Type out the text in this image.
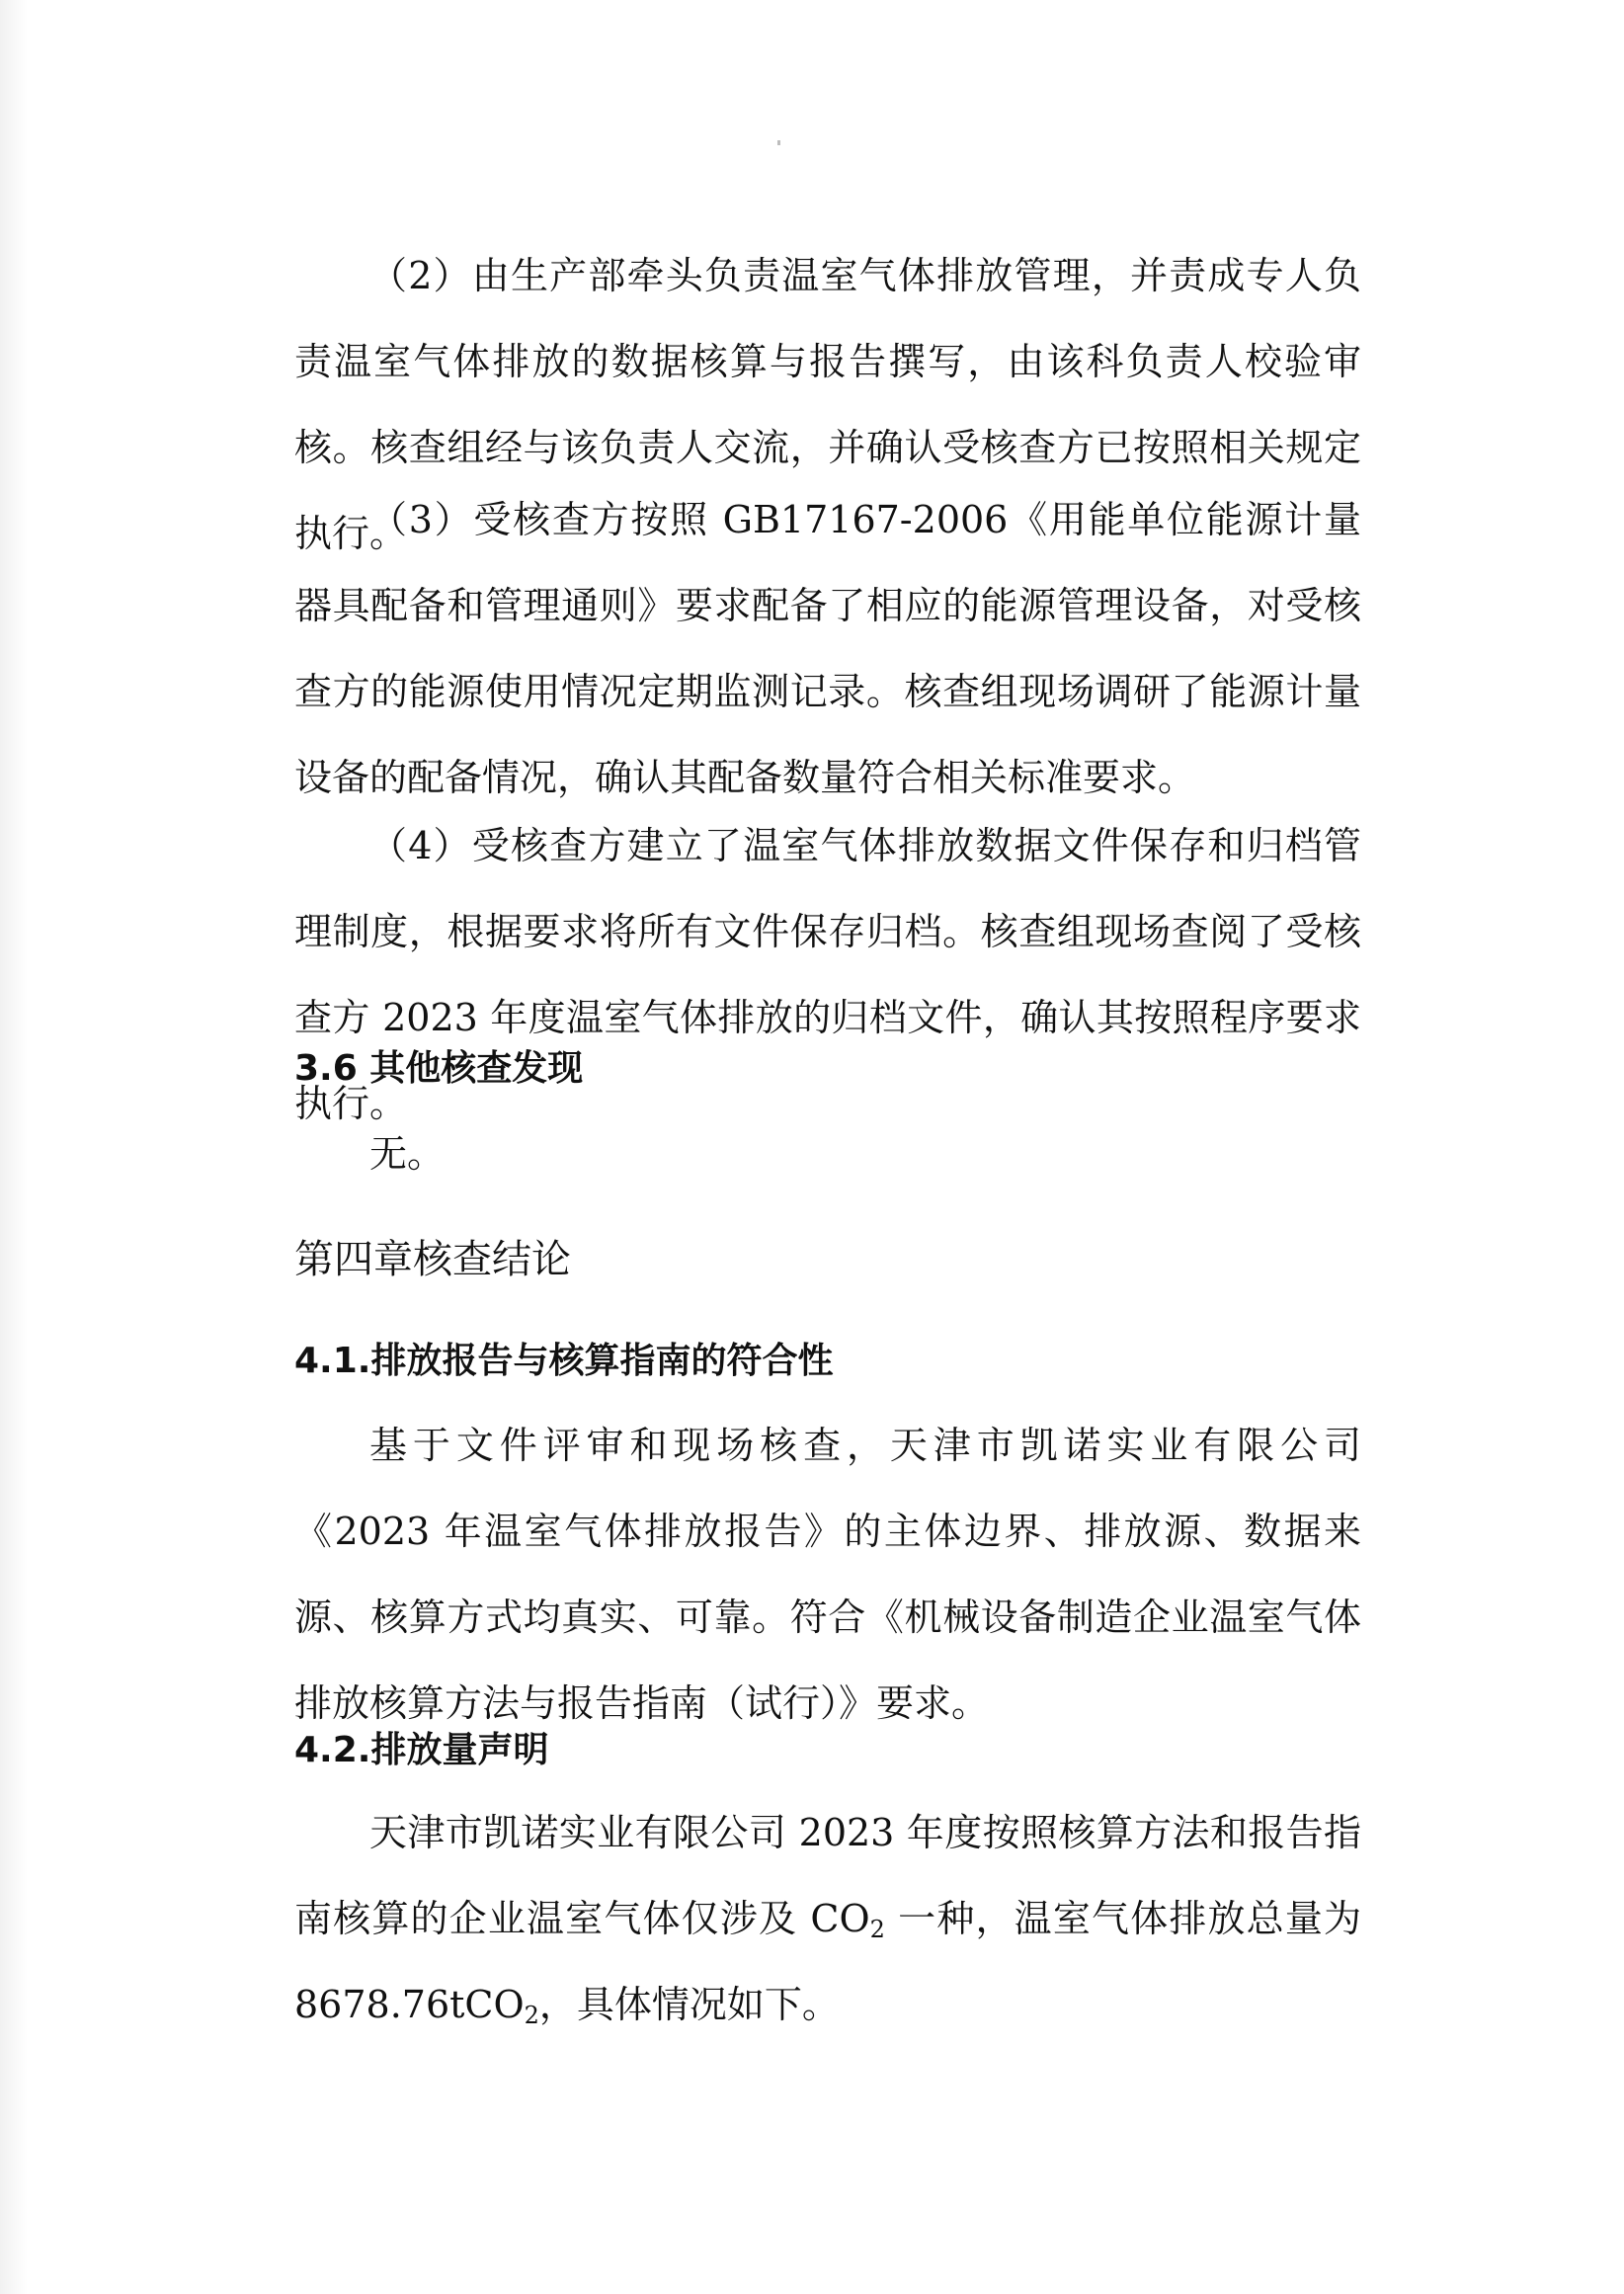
（2）由生产部牵头负责温室气体排放管理，并责成专人负责温室气体排放的数据核算与报告撰写，由该科负责人校验审核。核查组经与该负责人交流，并确认受核查方已按照相关规定执行。

（3）受核查方按照 GB17167-2006《用能单位能源计量器具配备和管理通则》要求配备了相应的能源管理设备，对受核查方的能源使用情况定期监测记录。核查组现场调研了能源计量设备的配备情况，确认其配备数量符合相关标准要求。

（4）受核查方建立了温室气体排放数据文件保存和归档管理制度，根据要求将所有文件保存归档。核查组现场查阅了受核查方 2023 年度温室气体排放的归档文件，确认其按照程序要求执行。

3.6 其他核查发现

无。

第四章核查结论

4.1.排放报告与核算指南的符合性

基于文件评审和现场核查，天津市凯诺实业有限公司《2023 年温室气体排放报告》的主体边界、排放源、数据来源、核算方式均真实、可靠。符合《机械设备制造企业温室气体排放核算方法与报告指南（试行）》要求。

4.2.排放量声明

天津市凯诺实业有限公司 2023 年度按照核算方法和报告指南核算的企业温室气体仅涉及 $CO_2$ 一种，温室气体排放总量为 8678.76tCO$_2$，具体情况如下。
